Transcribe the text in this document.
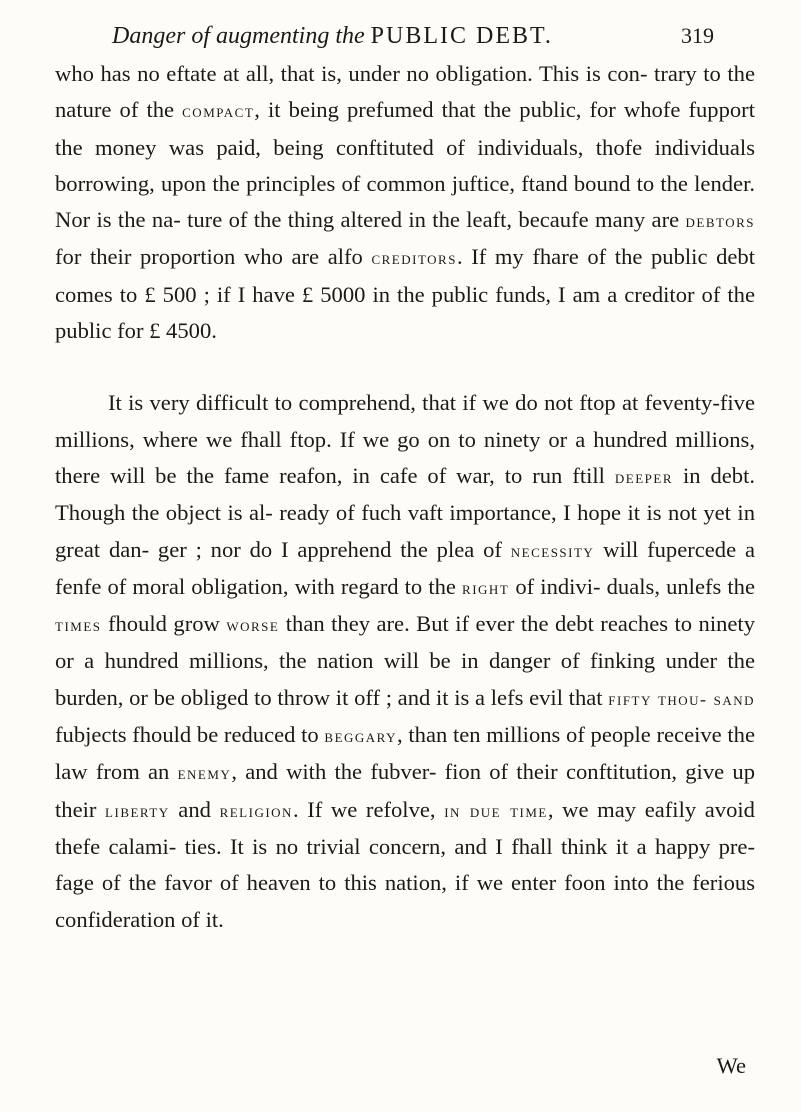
Danger of augmenting the PUBLIC DEBT.	319

who has no eftate at all, that is, under no obligation. This is con- trary to the nature of the compact, it being prefumed that the public, for whofe fupport the money was paid, being conftituted of individuals, thofe individuals borrowing, upon the principles of common juftice, ftand bound to the lender. Nor is the na- ture of the thing altered in the leaft, becaufe many are debtors for their proportion who are alfo creditors. If my fhare of the public debt comes to £ 500 ; if I have £ 5000 in the public funds, I am a creditor of the public for £ 4500.

It is very difficult to comprehend, that if we do not ftop at feventy-five millions, where we fhall ftop. If we go on to ninety or a hundred millions, there will be the fame reafon, in cafe of war, to run ftill deeper in debt. Though the object is al- ready of fuch vaft importance, I hope it is not yet in great dan- ger ; nor do I apprehend the plea of necessity will fupercede a fenfe of moral obligation, with regard to the right of indivi- duals, unlefs the times fhould grow worse than they are. But if ever the debt reaches to ninety or a hundred millions, the nation will be in danger of finking under the burden, or be obliged to throw it off ; and it is a lefs evil that fifty thou- sand fubjects fhould be reduced to beggary, than ten millions of people receive the law from an enemy, and with the fubver- fion of their conftitution, give up their liberty and religion. If we refolve, in due time, we may eafily avoid thefe calami- ties. It is no trivial concern, and I fhall think it a happy pre- fage of the favor of heaven to this nation, if we enter foon into the ferious confideration of it.

We
